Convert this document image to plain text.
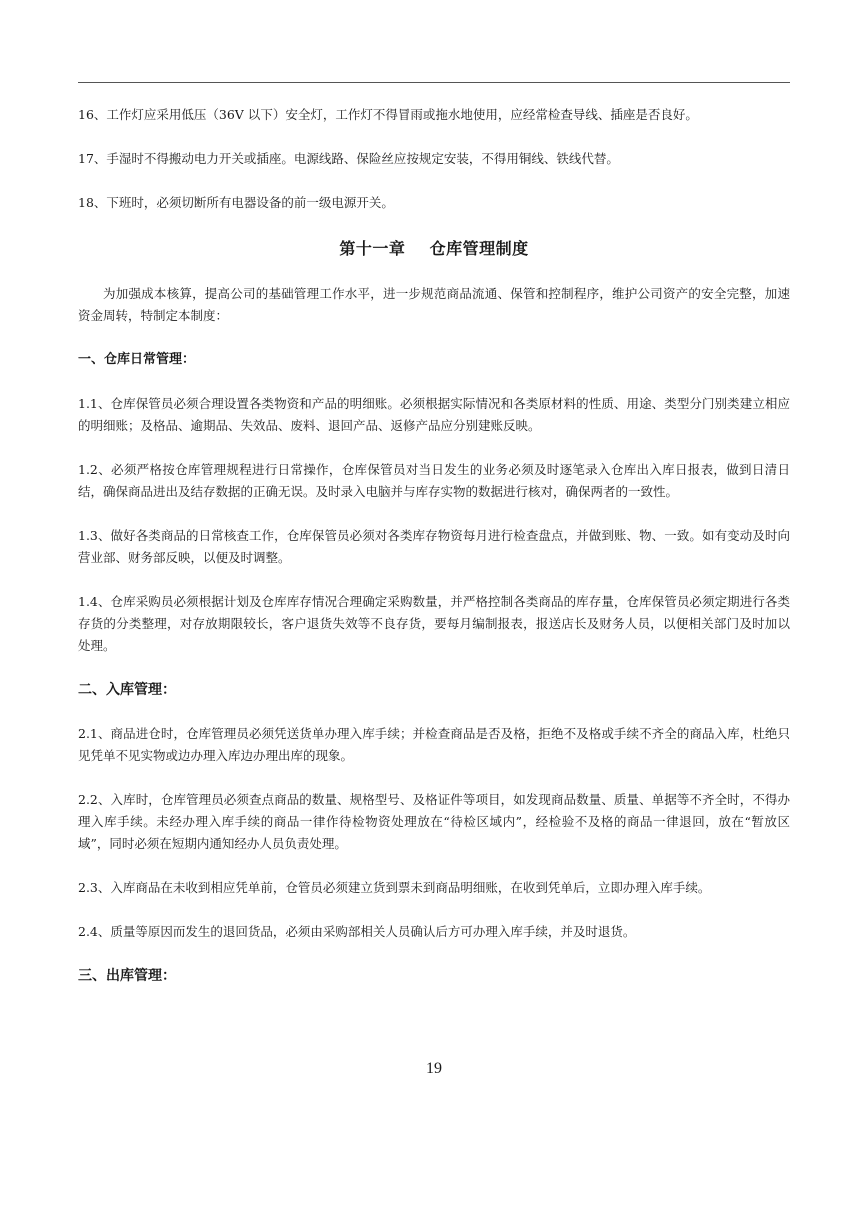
16、工作灯应采用低压（36V 以下）安全灯，工作灯不得冒雨或拖水地使用，应经常检查导线、插座是否良好。

17、手湿时不得搬动电力开关或插座。电源线路、保险丝应按规定安装，不得用铜线、铁线代替。

18、下班时，必须切断所有电器设备的前一级电源开关。

第十一章    仓库管理制度

为加强成本核算，提高公司的基础管理工作水平，进一步规范商品流通、保管和控制程序，维护公司资产的安全完整，加速资金周转，特制定本制度：

一、仓库日常管理：

1.1、仓库保管员必须合理设置各类物资和产品的明细账。必须根据实际情况和各类原材料的性质、用途、类型分门别类建立相应的明细账；及格品、逾期品、失效品、废料、退回产品、返修产品应分别建账反映。

1.2、必须严格按仓库管理规程进行日常操作，仓库保管员对当日发生的业务必须及时逐笔录入仓库出入库日报表，做到日清日结，确保商品进出及结存数据的正确无误。及时录入电脑并与库存实物的数据进行核对，确保两者的一致性。

1.3、做好各类商品的日常核查工作，仓库保管员必须对各类库存物资每月进行检查盘点，并做到账、物、一致。如有变动及时向营业部、财务部反映，以便及时调整。

1.4、仓库采购员必须根据计划及仓库库存情况合理确定采购数量，并严格控制各类商品的库存量，仓库保管员必须定期进行各类存货的分类整理，对存放期限较长，客户退货失效等不良存货，要每月编制报表，报送店长及财务人员，以便相关部门及时加以处理。

二、入库管理：

2.1、商品进仓时，仓库管理员必须凭送货单办理入库手续；并检查商品是否及格，拒绝不及格或手续不齐全的商品入库，杜绝只见凭单不见实物或边办理入库边办理出库的现象。

2.2、入库时，仓库管理员必须查点商品的数量、规格型号、及格证件等项目，如发现商品数量、质量、单据等不齐全时，不得办理入库手续。未经办理入库手续的商品一律作待检物资处理放在“待检区域内”，经检验不及格的商品一律退回，放在“暂放区域”，同时必须在短期内通知经办人员负责处理。

2.3、入库商品在未收到相应凭单前，仓管员必须建立货到票未到商品明细账，在收到凭单后，立即办理入库手续。

2.4、质量等原因而发生的退回货品，必须由采购部相关人员确认后方可办理入库手续，并及时退货。

三、出库管理：
19
